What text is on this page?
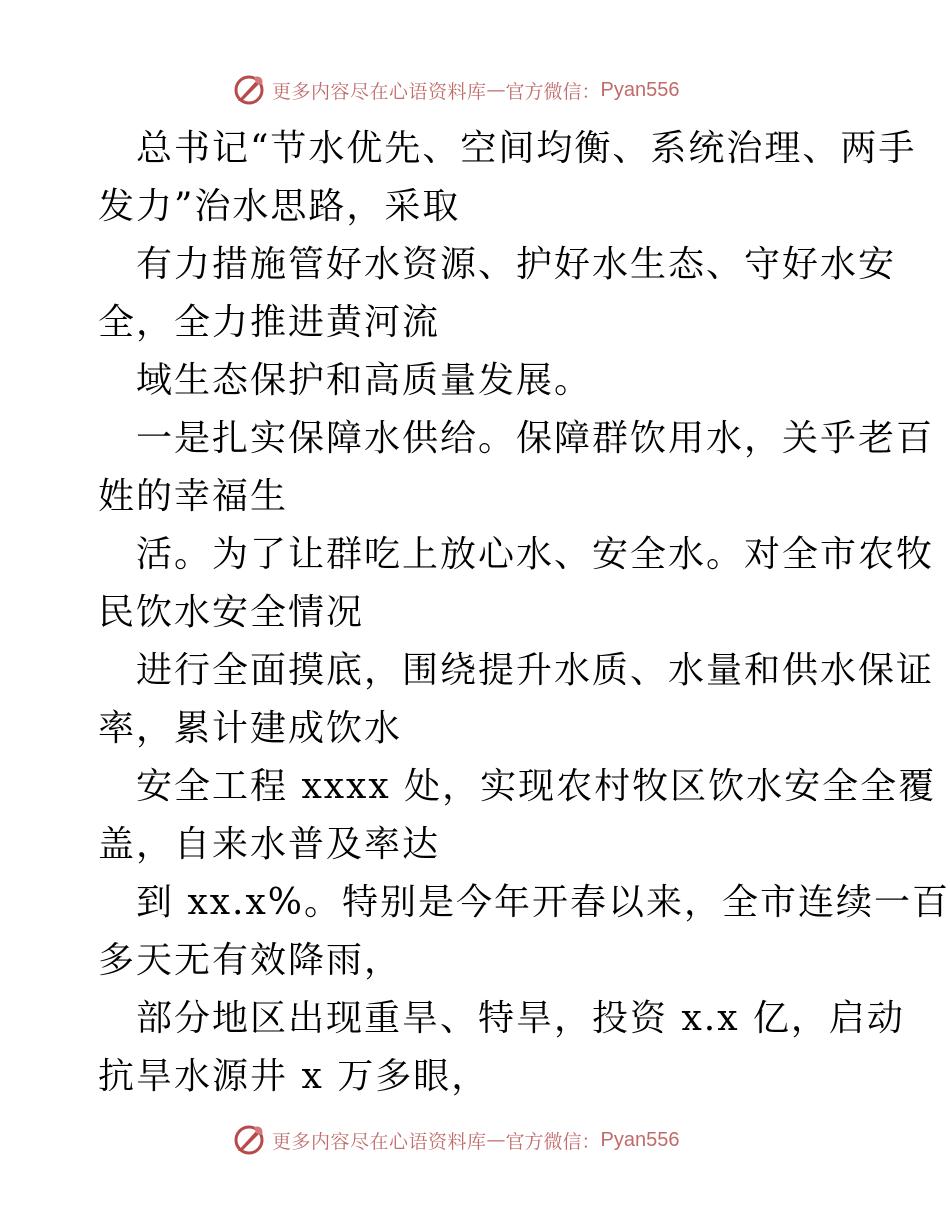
更多内容尽在心语资料库 — 官方微信： Pyan556
总书记“节水优先、空间均衡、系统治理、两手
发力”治水思路，采取
有力措施管好水资源、护好水生态、守好水安
全，全力推进黄河流
域生态保护和高质量发展。
一是扎实保障水供给。保障群饮用水，关乎老百
姓的幸福生
活。为了让群吃上放心水、安全水。对全市农牧
民饮水安全情况
进行全面摸底，围绕提升水质、水量和供水保证
率，累计建成饮水
安全工程 xxxx 处，实现农村牧区饮水安全全覆
盖，自来水普及率达
到 xx.x%。特别是今年开春以来，全市连续一百
多天无有效降雨，
部分地区出现重旱、特旱，投资 x.x 亿，启动
抗旱水源井 x 万多眼，
更多内容尽在心语资料库 — 官方微信： Pyan556
